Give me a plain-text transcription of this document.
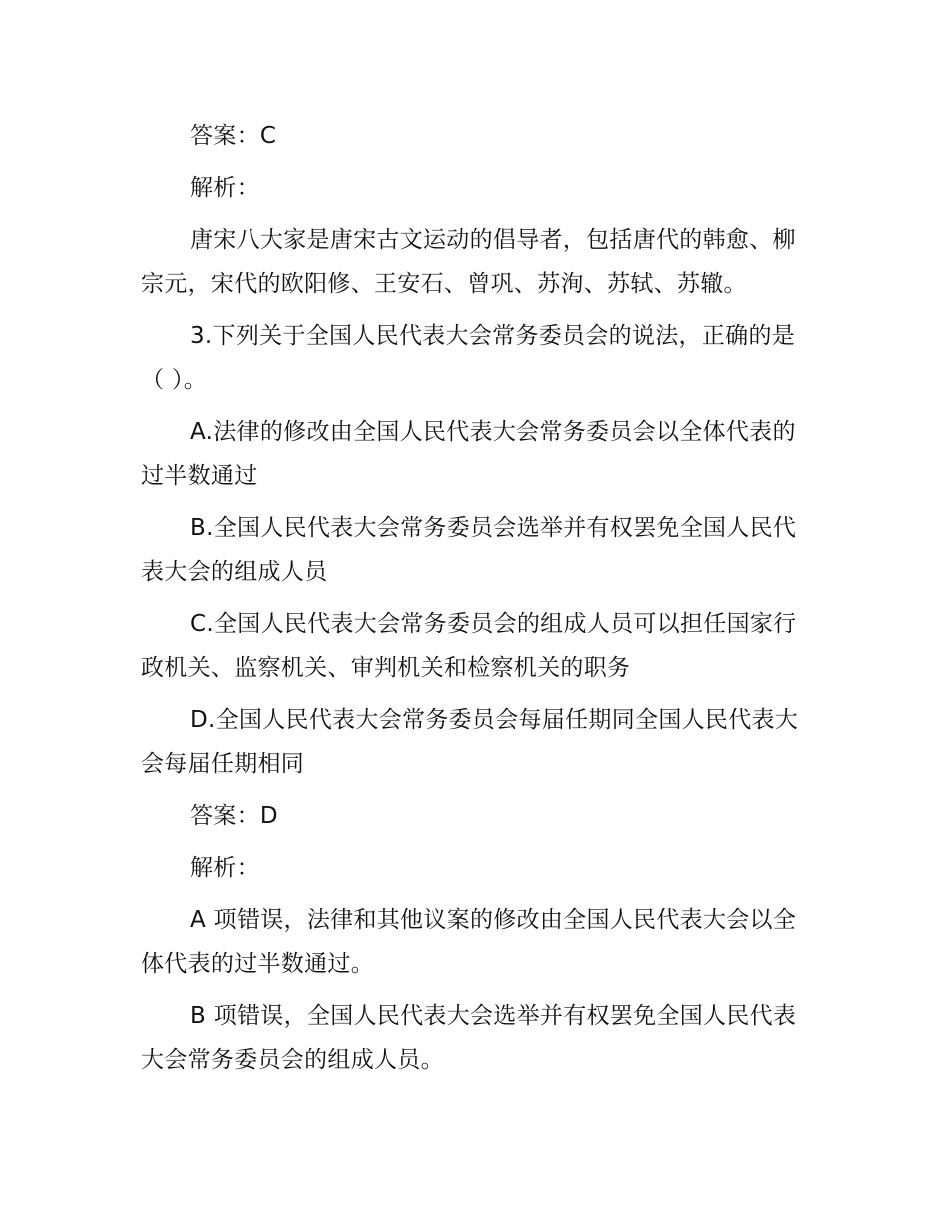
答案：C

解析：

唐宋八大家是唐宋古文运动的倡导者，包括唐代的韩愈、柳宗元，宋代的欧阳修、王安石、曾巩、苏洵、苏轼、苏辙。

3.下列关于全国人民代表大会常务委员会的说法，正确的是（ ）。

A.法律的修改由全国人民代表大会常务委员会以全体代表的过半数通过

B.全国人民代表大会常务委员会选举并有权罢免全国人民代表大会的组成人员

C.全国人民代表大会常务委员会的组成人员可以担任国家行政机关、监察机关、审判机关和检察机关的职务

D.全国人民代表大会常务委员会每届任期同全国人民代表大会每届任期相同

答案：D

解析：

A 项错误，法律和其他议案的修改由全国人民代表大会以全体代表的过半数通过。

B 项错误，全国人民代表大会选举并有权罢免全国人民代表大会常务委员会的组成人员。
